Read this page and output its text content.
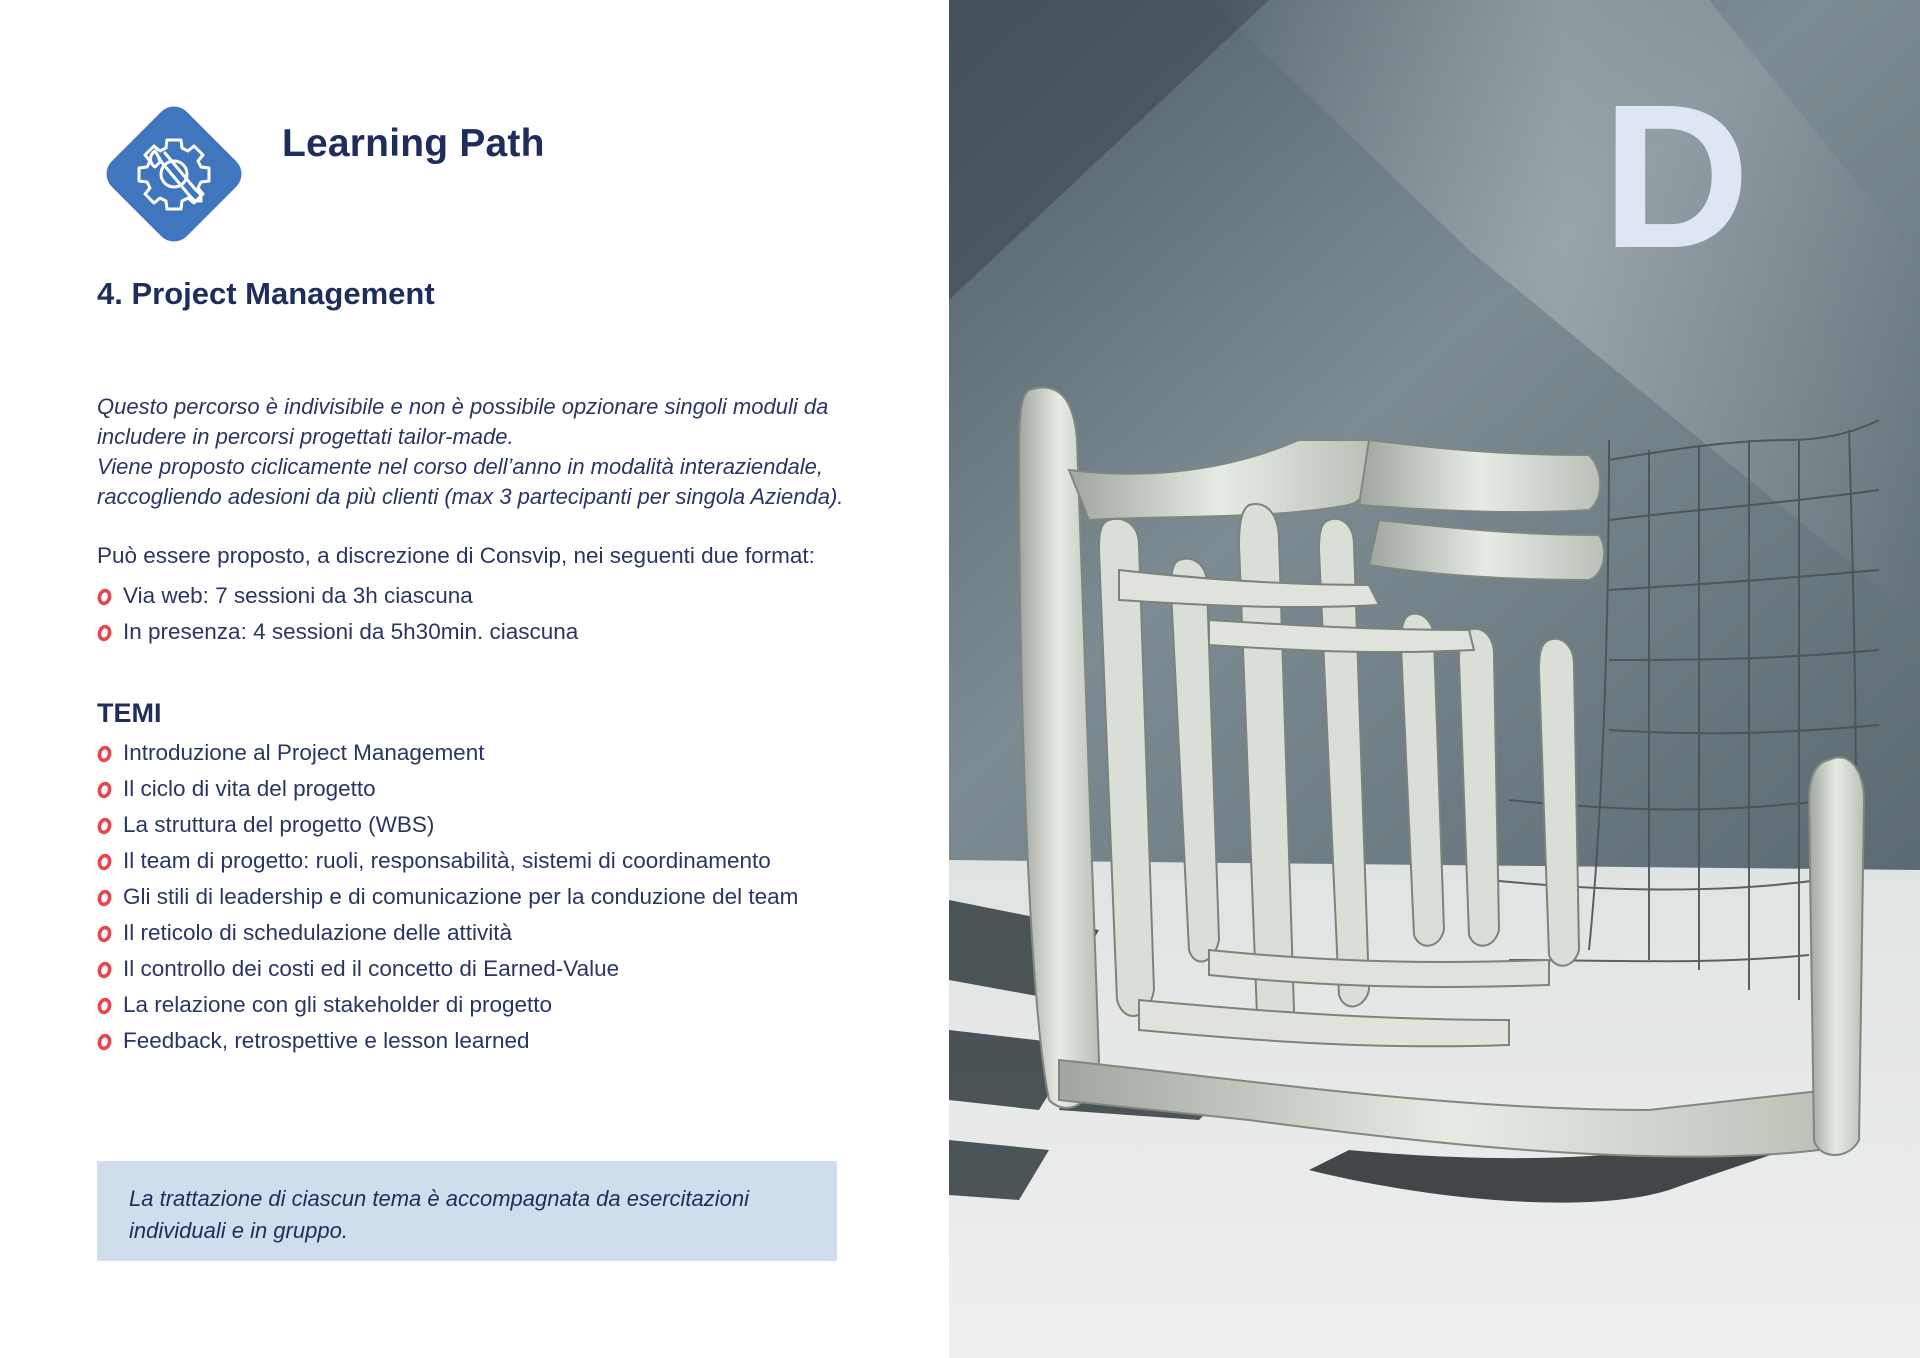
Learning Path
4. Project Management

Questo percorso è indivisibile e non è possibile opzionare singoli moduli da

includere in percorsi progettati tailor-made.

Viene proposto ciclicamente nel corso dell’anno in modalità interaziendale,

raccogliendo adesioni da più clienti (max 3 partecipanti per singola Azienda).

Può essere proposto, a discrezione di Consvip, nei seguenti due format:

Via web: 7 sessioni da 3h ciascuna
In presenza: 4 sessioni da 5h30min. ciascuna
TEMI
Introduzione al Project Management
Il ciclo di vita del progetto
La struttura del progetto (WBS)
Il team di progetto: ruoli, responsabilità, sistemi di coordinamento
Gli stili di leadership e di comunicazione per la conduzione del team
Il reticolo di schedulazione delle attività
Il controllo dei costi ed il concetto di Earned-Value
La relazione con gli stakeholder di progetto
Feedback, retrospettive e lesson learned

La trattazione di ciascun tema è accompagnata da esercitazioni
individuali e in gruppo.

D
